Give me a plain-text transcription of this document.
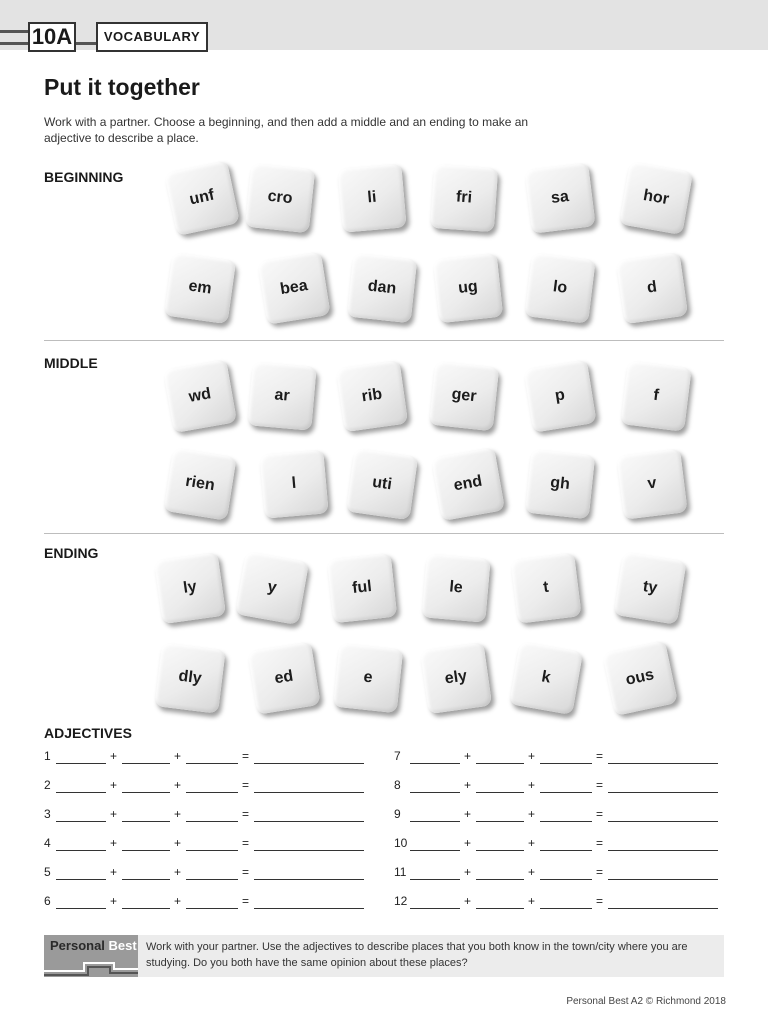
10A	VOCABULARY
Put it together

Work with a partner. Choose a beginning, and then add a middle and an ending to make an adjective to describe a place.

BEGINNING
MIDDLE
ENDING
unf	cro	li	fri	sa	hor
em	bea	dan	ug	lo	d
wd	ar	rib	ger	p	f
rien	l	uti	end	gh	v
ly	y	ful	le	t	ty
dly	ed	e	ely	k	ous
ADJECTIVES
1	+	+	=
2	+	+	=
3	+	+	=
4	+	+	=
5	+	+	=
6	+	+	=
7	+	+	=
8	+	+	=
9	+	+	=
10	+	+	=
11	+	+	=
12	+	+	=
Personal Best Work with your partner. Use the adjectives to describe places that you both know in the town/city where you are studying. Do you both have the same opinion about these places?

Personal Best A2 © Richmond 2018
